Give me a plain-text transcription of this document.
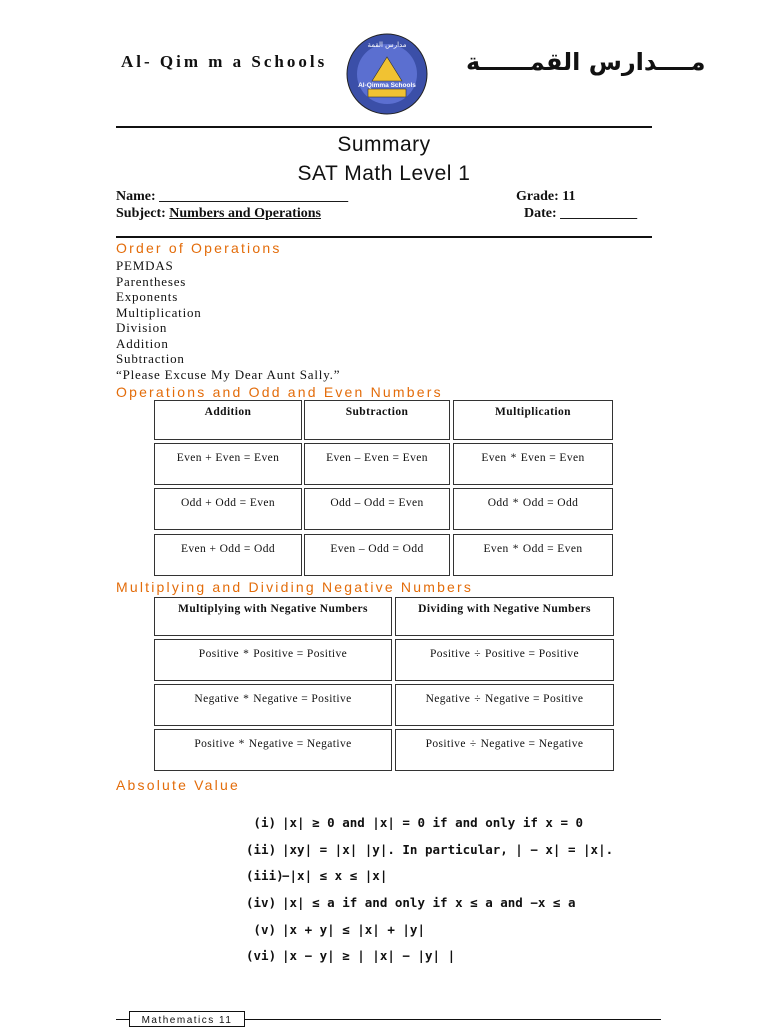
Al- Qim m a Schools
مدارس القمة
Al-Qimma Schools
مــــدارس القمــــــة
Summary
SAT Math Level 1
Name: ___________________________	Grade: 11
Subject: Numbers and Operations	Date: ___________
Order of Operations
PEMDAS
Parentheses
Exponents
Multiplication
Division
Addition
Subtraction
“Please Excuse My Dear Aunt Sally.”
Operations and Odd and Even Numbers
Addition	Subtraction	Multiplication
Even + Even = Even	Even – Even = Even	Even * Even = Even
Odd + Odd = Even	Odd – Odd = Even	Odd * Odd = Odd
Even + Odd = Odd	Even – Odd = Odd	Even * Odd = Even
Multiplying and Dividing Negative Numbers
Multiplying with Negative Numbers	Dividing with Negative Numbers
Positive * Positive = Positive	Positive ÷ Positive = Positive
Negative * Negative = Positive	Negative ÷ Negative = Positive
Positive * Negative = Negative	Positive ÷ Negative = Negative
Absolute Value
(i) |x| ≥ 0 and |x| = 0 if and only if x = 0
(ii) |xy| = |x| |y|. In particular, | − x| = |x|.
(iii)−|x| ≤ x ≤ |x|
(iv) |x| ≤ a if and only if x ≤ a and −x ≤ a
(v) |x + y| ≤ |x| + |y|
(vi) |x − y| ≥ | |x| − |y| |
Mathematics 11
